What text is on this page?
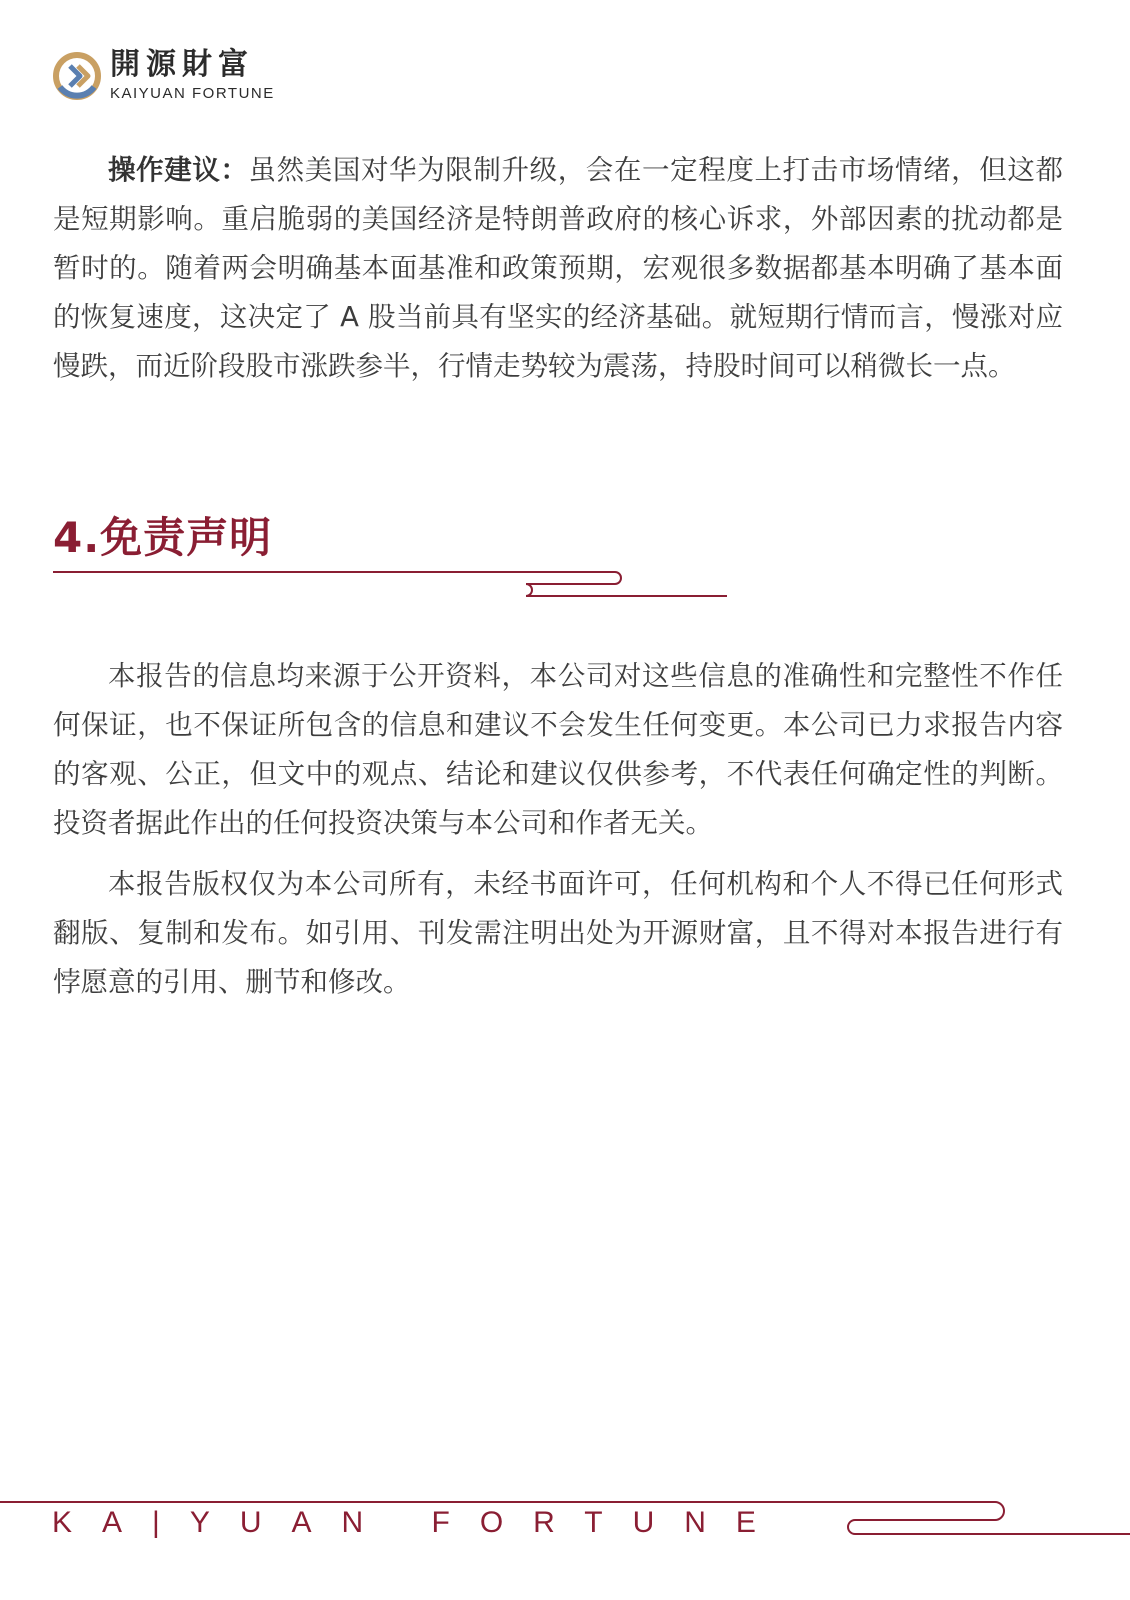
開源財富
KAIYUAN FORTUNE

操作建议：虽然美国对华为限制升级，会在一定程度上打击市场情绪，但这都是短期影响。重启脆弱的美国经济是特朗普政府的核心诉求，外部因素的扰动都是暂时的。随着两会明确基本面基准和政策预期，宏观很多数据都基本明确了基本面的恢复速度，这决定了 A 股当前具有坚实的经济基础。就短期行情而言，慢涨对应慢跌，而近阶段股市涨跌参半，行情走势较为震荡，持股时间可以稍微长一点。

4.免责声明

本报告的信息均来源于公开资料，本公司对这些信息的准确性和完整性不作任何保证，也不保证所包含的信息和建议不会发生任何变更。本公司已力求报告内容的客观、公正，但文中的观点、结论和建议仅供参考，不代表任何确定性的判断。投资者据此作出的任何投资决策与本公司和作者无关。

本报告版权仅为本公司所有，未经书面许可，任何机构和个人不得已任何形式翻版、复制和发布。如引用、刊发需注明出处为开源财富，且不得对本报告进行有悖愿意的引用、删节和修改。

KA|YUAN FORTUNE
